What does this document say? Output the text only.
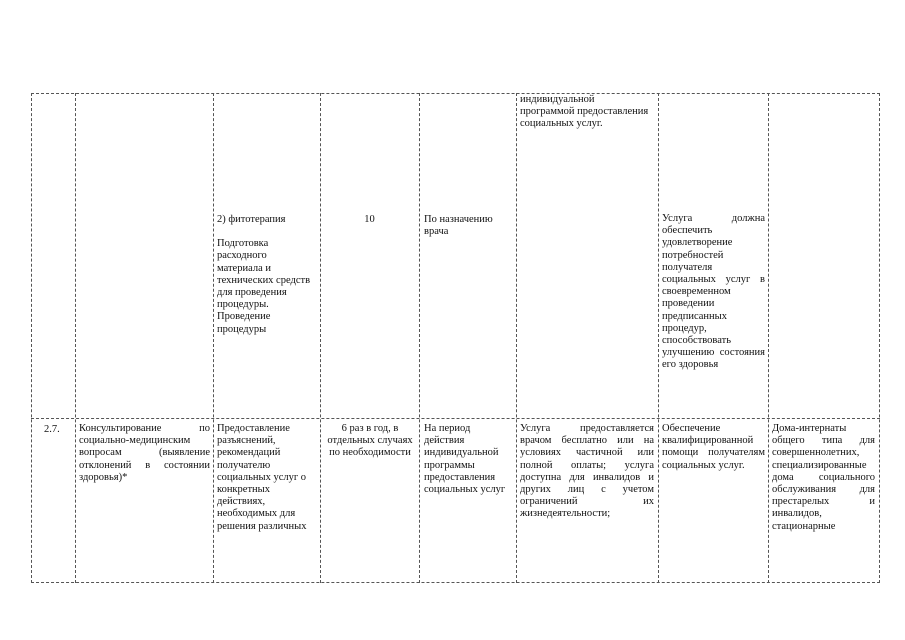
индивидуальной программой предоставления социальных услуг.
2) фитотерапия
Подготовка расходного материала и технических средств для проведения процедуры. Проведение процедуры
10	По назначению врача
Услуга должна обеспечить удовлетворение потребностей получателя социальных услуг в своевременном проведении предписанных процедур, способствовать улучшению состояния его здоровья
2.7.	Консультирование по социально-медицинским вопросам (выявление отклонений в состоянии здоровья)*
Предоставление разъяснений, рекомендаций получателю социальных услуг о конкретных действиях, необходимых для решения различных
6 раз в год, в отдельных случаях по необходимости
На период действия индивидуальной программы предоставления социальных услуг
Услуга предоставляется врачом бесплатно или на условиях частичной или полной оплаты; услуга доступна для инвалидов и других лиц с учетом ограничений их жизнедеятельности;
Обеспечение квалифицированной помощи получателям социальных услуг.
Дома-интернаты общего типа для совершеннолетних, специализированные дома социального обслуживания для престарелых и инвалидов, стационарные
